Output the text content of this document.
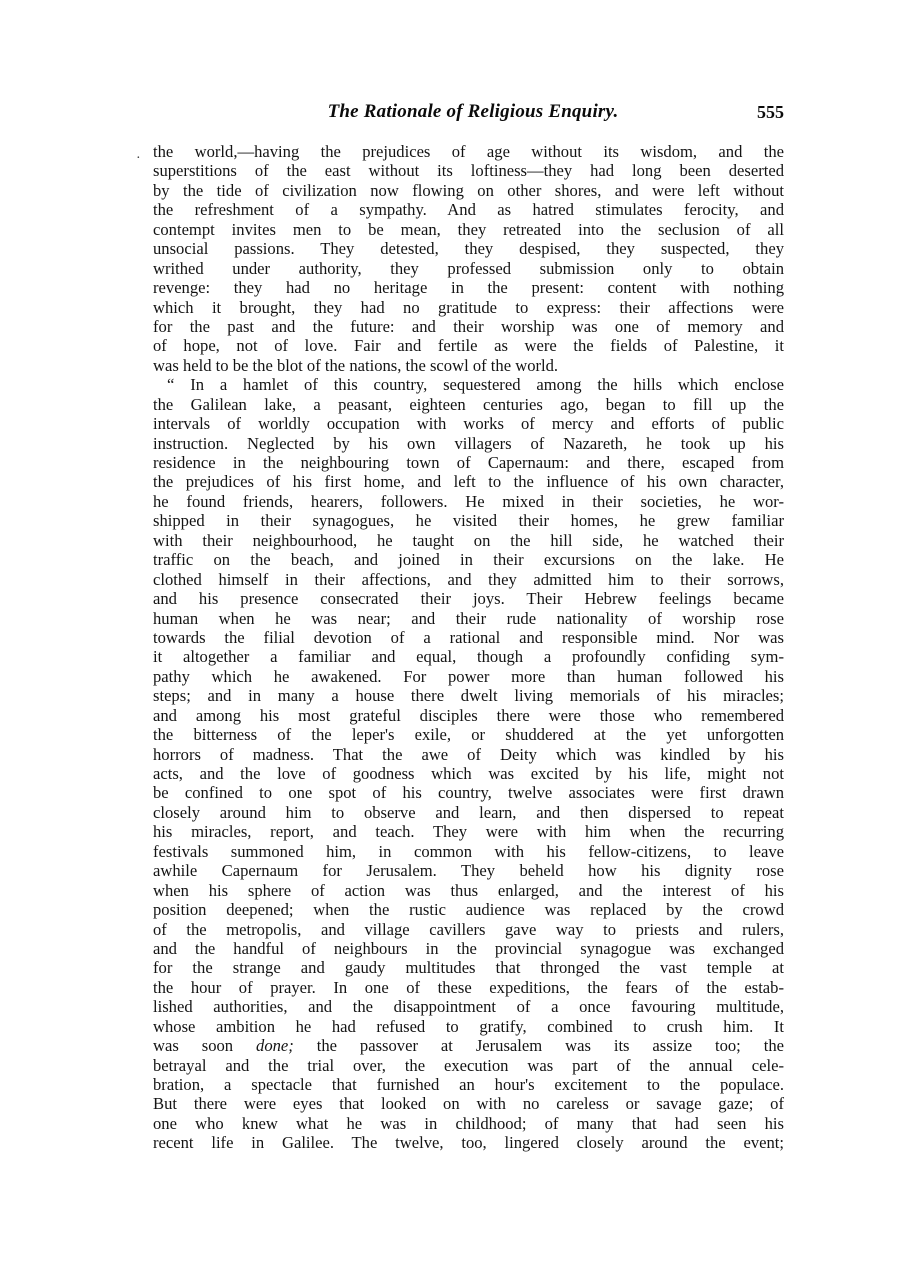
The Rationale of Religious Enquiry.	555
· the world,—having the prejudices of age without its wisdom, and the
superstitions of the east without its loftiness—they had long been deserted
by the tide of civilization now flowing on other shores, and were left without
the refreshment of a sympathy. And as hatred stimulates ferocity, and
contempt invites men to be mean, they retreated into the seclusion of all
unsocial passions. They detested, they despised, they suspected, they
writhed under authority, they professed submission only to obtain
revenge: they had no heritage in the present: content with nothing
which it brought, they had no gratitude to express: their affections were
for the past and the future: and their worship was one of memory and
of hope, not of love. Fair and fertile as were the fields of Palestine, it
was held to be the blot of the nations, the scowl of the world.
“ In a hamlet of this country, sequestered among the hills which enclose
the Galilean lake, a peasant, eighteen centuries ago, began to fill up the
intervals of worldly occupation with works of mercy and efforts of public
instruction. Neglected by his own villagers of Nazareth, he took up his
residence in the neighbouring town of Capernaum: and there, escaped from
the prejudices of his first home, and left to the influence of his own character,
he found friends, hearers, followers. He mixed in their societies, he wor-
shipped in their synagogues, he visited their homes, he grew familiar
with their neighbourhood, he taught on the hill side, he watched their
traffic on the beach, and joined in their excursions on the lake. He
clothed himself in their affections, and they admitted him to their sorrows,
and his presence consecrated their joys. Their Hebrew feelings became
human when he was near; and their rude nationality of worship rose
towards the filial devotion of a rational and responsible mind. Nor was
it altogether a familiar and equal, though a profoundly confiding sym-
pathy which he awakened. For power more than human followed his
steps; and in many a house there dwelt living memorials of his miracles;
and among his most grateful disciples there were those who remembered
the bitterness of the leper's exile, or shuddered at the yet unforgotten
horrors of madness. That the awe of Deity which was kindled by his
acts, and the love of goodness which was excited by his life, might not
be confined to one spot of his country, twelve associates were first drawn
closely around him to observe and learn, and then dispersed to repeat
his miracles, report, and teach. They were with him when the recurring
festivals summoned him, in common with his fellow-citizens, to leave
awhile Capernaum for Jerusalem. They beheld how his dignity rose
when his sphere of action was thus enlarged, and the interest of his
position deepened; when the rustic audience was replaced by the crowd
of the metropolis, and village cavillers gave way to priests and rulers,
and the handful of neighbours in the provincial synagogue was exchanged
for the strange and gaudy multitudes that thronged the vast temple at
the hour of prayer. In one of these expeditions, the fears of the estab-
lished authorities, and the disappointment of a once favouring multitude,
whose ambition he had refused to gratify, combined to crush him. It
was soon done; the passover at Jerusalem was its assize too; the
betrayal and the trial over, the execution was part of the annual cele-
bration, a spectacle that furnished an hour's excitement to the populace.
But there were eyes that looked on with no careless or savage gaze; of
one who knew what he was in childhood; of many that had seen his
recent life in Galilee. The twelve, too, lingered closely around the event;
